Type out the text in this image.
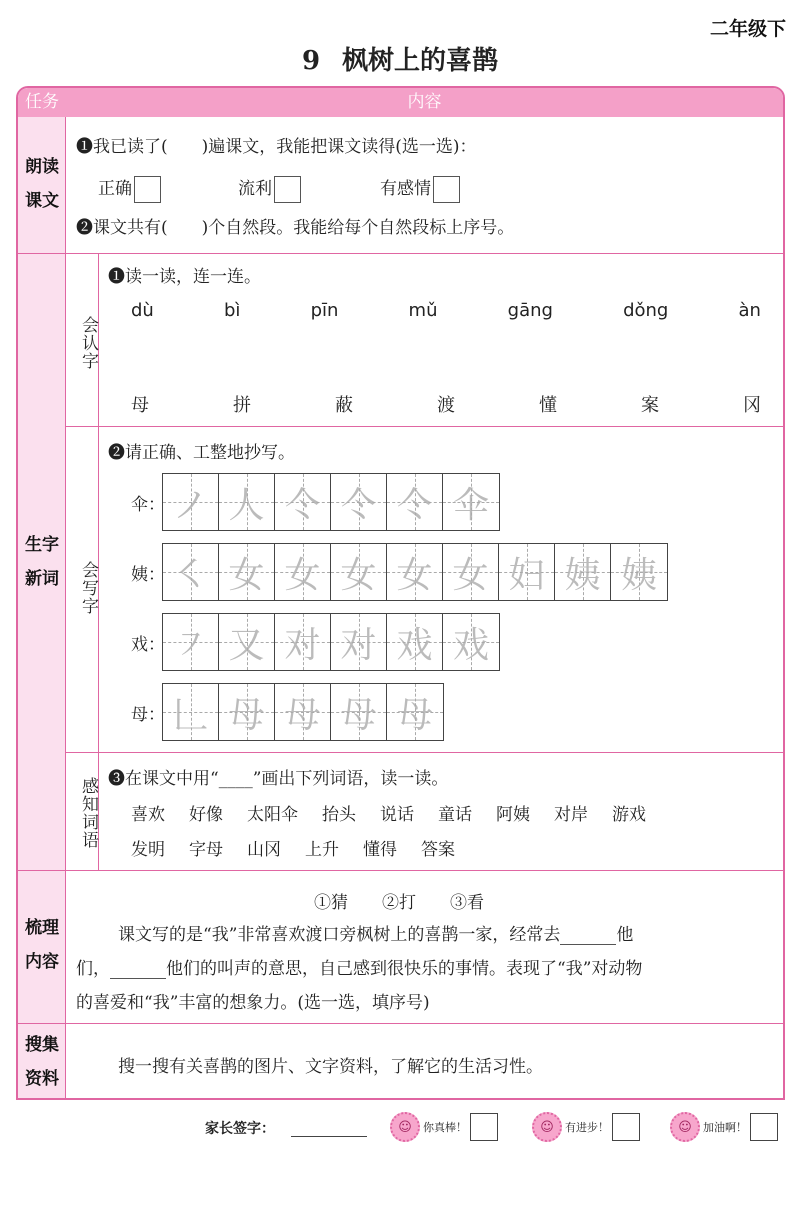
二年级下
9 枫树上的喜鹊
任务	内容
朗读
课文
❶我已读了(　　)遍课文，我能把课文读得(选一选)：
正确	流利	有感情
❷课文共有(　　)个自然段。我能给每个自然段标上序号。
生字
新词
会认字
❶读一读，连一连。
dù	bì	pīn	mǔ	gāng	dǒng	àn
母	拼	蔽	渡	懂	案	冈
会写字
❷请正确、工整地抄写。
伞： ノ 人 仒 仒 仒 伞
姨： ㇛ 女 女 女 女 女 妇 姨 姨
戏： ㇇ 又 对 对 戏 戏
母： 𠃊 母 母 母 母
感知词语 ❸在课文中用“____”画出下列词语，读一读。
喜欢 好像 太阳伞 抬头 说话 童话 阿姨 对岸 游戏
发明 字母 山冈 上升 懂得 答案
梳理
内容
①猜　　②打　　③看
课文写的是“我”非常喜欢渡口旁枫树上的喜鹊一家，经常去	他
们，	他们的叫声的意思，自己感到很快乐的事情。表现了“我”对动物
的喜爱和“我”丰富的想象力。(选一选，填序号)
搜集
资料
搜一搜有关喜鹊的图片、文字资料，了解它的生活习性。
家长签字：	☺	你真棒！	☺	有进步！	☺	加油啊！
